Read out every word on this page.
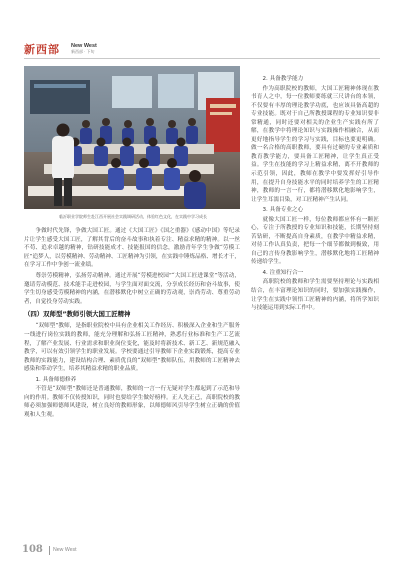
新西部 New West
新西部 · 下旬
临沂职业学院师生赴江西开展社会实践调研活动，体验红色文化，在实践中学习成长

争做时代先锋，争做大国工匠。通过《大国工匠》《国之重器》《感动中国》等纪录片让学生感受大国工匠，了解其背后的奋斗故事和执着专注、精益求精的精神。以一丝不苟、追求卓越的精神，钻研技能成才、技能报国的信念，激励青年学生争做“劳模工匠”追梦人，以劳模精神、劳动精神、工匠精神为引领，在实践中锤炼品格、增长才干，在学习工作中争创一流业绩。

尊崇劳模精神，弘扬劳动精神。通过开展“劳模进校园”“大国工匠进课堂”等活动，邀请劳动模范、技术能手走进校园，与学生面对面交流，分享成长经历和奋斗故事，使学生切身感受劳模精神的内涵，在潜移默化中树立正确的劳动观，崇尚劳动、尊重劳动者，自觉投身劳动实践。

（四）双师型”教师引领大国工匠精神

“双师型”教师，是指职业院校中具有企业相关工作经历、积极深入企业和生产服务一线进行岗位实践的教师，能充分理解和弘扬工匠精神，熟悉行业标准和生产工艺流程，了解产业发展、行业需求和职业岗位变化，能及时将新技术、新工艺、新规范融入教学，可以有效引领学生的职业发展。学校要通过引导教师下企业实践锻炼，提高专业教师的实践能力，建设结构合理、素质优良的“双师型”教师队伍，用教师的工匠精神去感染和带动学生，培养其精益求精的职业品质。

1. 具备师德修养

不管是“双师型”教师还是普通教师，教师的一言一行无疑对学生都起到了示范和导向的作用。教师不仅传授知识，同时也要给学生做好榜样。正人先正己，高职院校的教师必须加强师德师风建设，树立良好的教师形象，以师德师风引导学生树立正确的价值观和人生观。

2. 具备教学能力

作为高职院校的教师，大国工匠精神体现在教书育人之中，每一位教师要练就三尺讲台的本领，不仅要有丰厚的理论教学功底，也应该具备高超的专业技能。既对于自己所教授课程的专业知识要非常精通，同时还要对相关的企业生产实践有所了解，在教学中将理论知识与实践操作相融合，从而更好地指导学生的学习与实践，目标也要更明确。做一名合格的高职教师，要具有过硬的专业素质和教育教学能力，要具备工匠精神，让学生真正受益。学生在技能的学习上精益求精，离不开教师的示范引领，因此，教师在教学中要发挥好引导作用，在提升自身技能水平的同时培养学生的工匠精神，教师的一言一行，都将潜移默化地影响学生，让学生耳濡目染，对工匠精神产生认同。

3. 具备专业之心

就像大国工匠一样，每位教师都应怀有一颗匠心，专注于所教授的专业知识和技能，长期坚持刻苦钻研，不断提高自身素质，在教学中精益求精，对待工作认真负责，把每一个细节都做到极致，用自己的言传身教影响学生，潜移默化地将工匠精神传递给学生。

4. 注重知行合一

高职院校的教师和学生需要坚持理论与实践相结合，在丰富理论知识的同时，要加强实践操作，让学生在实践中领悟工匠精神的内涵，将所学知识与技能运用到实际工作中。

108 New West
